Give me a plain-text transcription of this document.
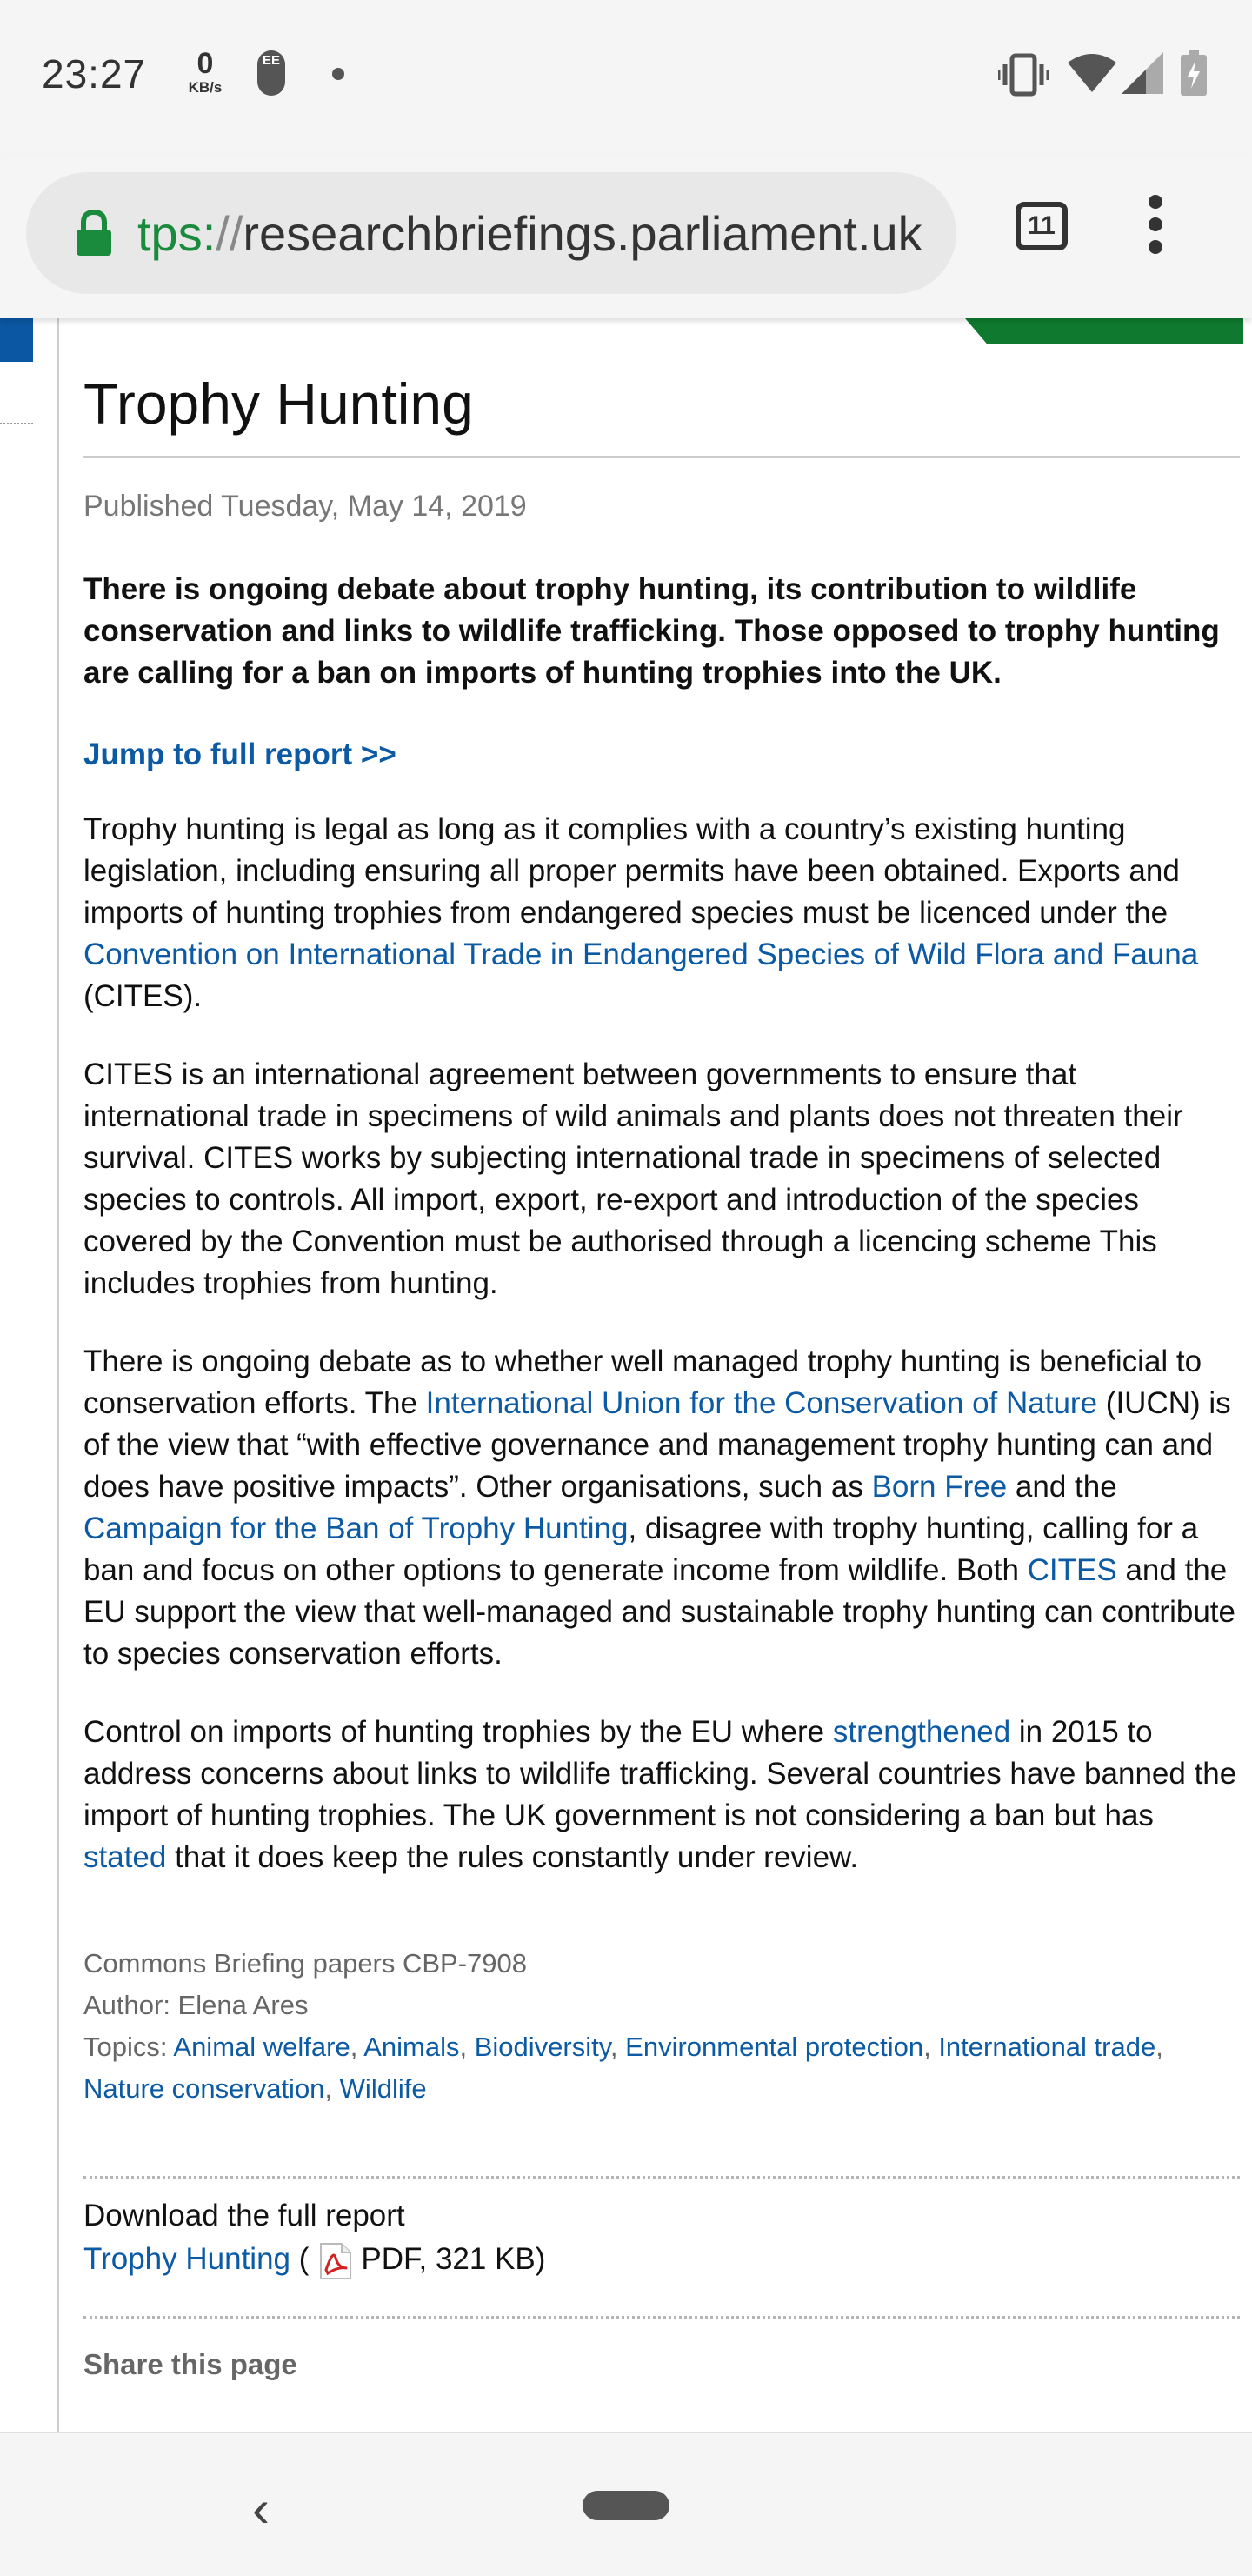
23:27	0
KB/s
EE
tps://researchbriefings.parliament.uk	11
Trophy Hunting
Published Tuesday, May 14, 2019
There is ongoing debate about trophy hunting, its contribution to wildlife conservation and links to wildlife trafficking. Those opposed to trophy hunting are calling for a ban on imports of hunting trophies into the UK.
Jump to full report >>

Trophy hunting is legal as long as it complies with a country’s existing hunting legislation, including ensuring all proper permits have been obtained. Exports and imports of hunting trophies from endangered species must be licenced under the Convention on International Trade in Endangered Species of Wild Flora and Fauna (CITES).

CITES is an international agreement between governments to ensure that international trade in specimens of wild animals and plants does not threaten their survival. CITES works by subjecting international trade in specimens of selected species to controls. All import, export, re-export and introduction of the species covered by the Convention must be authorised through a licencing scheme This includes trophies from hunting.

There is ongoing debate as to whether well managed trophy hunting is beneficial to conservation efforts. The International Union for the Conservation of Nature (IUCN) is of the view that “with effective governance and management trophy hunting can and does have positive impacts”. Other organisations, such as Born Free and the Campaign for the Ban of Trophy Hunting, disagree with trophy hunting, calling for a ban and focus on other options to generate income from wildlife. Both CITES and the EU support the view that well-managed and sustainable trophy hunting can contribute to species conservation efforts.

Control on imports of hunting trophies by the EU where strengthened in 2015 to address concerns about links to wildlife trafficking. Several countries have banned the import of hunting trophies. The UK government is not considering a ban but has stated that it does keep the rules constantly under review.

Commons Briefing papers CBP-7908
Author: Elena Ares
Topics: Animal welfare, Animals, Biodiversity, Environmental protection, International trade, Nature conservation, Wildlife
Download the full report
Trophy Hunting ( PDF, 321 KB)
Share this page
‹
